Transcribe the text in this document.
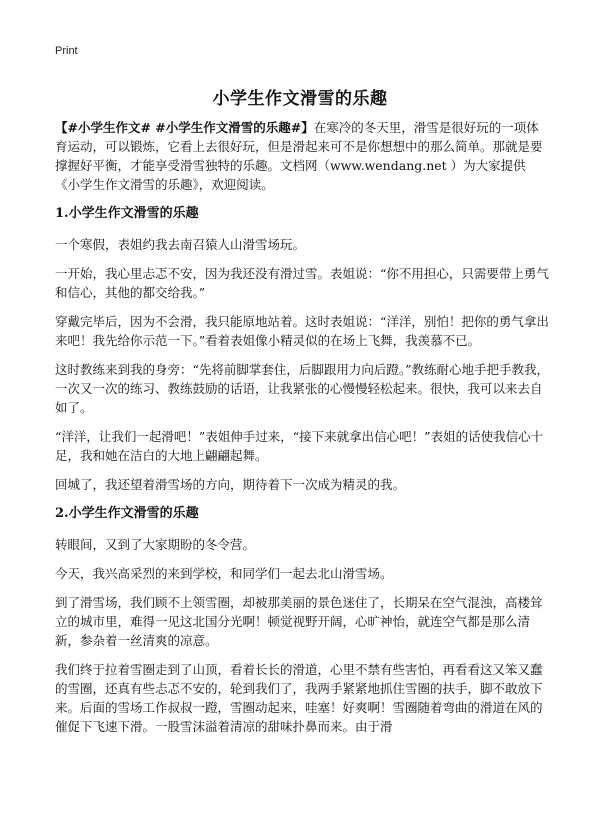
Print
小学生作文滑雪的乐趣

【#小学生作文# #小学生作文滑雪的乐趣#】在寒冷的冬天里，滑雪是很好玩的一项体育运动，可以锻炼，它看上去很好玩，但是滑起来可不是你想想中的那么简单。那就是要撑握好平衡，才能享受滑雪独特的乐趣。文档网（www.wendang.net ）为大家提供《小学生作文滑雪的乐趣》，欢迎阅读。

1.小学生作文滑雪的乐趣

一个寒假，表姐约我去南召猿人山滑雪场玩。

一开始，我心里忐忑不安，因为我还没有滑过雪。表姐说：“你不用担心，只需要带上勇气和信心，其他的都交给我。”

穿戴完毕后，因为不会滑，我只能原地站着。这时表姐说：“洋洋，别怕！把你的勇气拿出来吧！我先给你示范一下。”看着表姐像小精灵似的在场上飞舞，我羡慕不已。

这时教练来到我的身旁：“先将前脚掌套住，后脚跟用力向后蹬。”教练耐心地手把手教我，一次又一次的练习、教练鼓励的话语，让我紧张的心慢慢轻松起来。很快，我可以来去自如了。

“洋洋，让我们一起滑吧！”表姐伸手过来，“接下来就拿出信心吧！”表姐的话使我信心十足，我和她在洁白的大地上翩翩起舞。

回城了，我还望着滑雪场的方向，期待着下一次成为精灵的我。

2.小学生作文滑雪的乐趣

转眼间，又到了大家期盼的冬令营。

今天，我兴高采烈的来到学校，和同学们一起去北山滑雪场。

到了滑雪场，我们顾不上领雪圈，却被那美丽的景色迷住了，长期呆在空气混浊，高楼耸立的城市里，难得一见这北国分光啊！顿觉视野开阔，心旷神怡，就连空气都是那么清新，参杂着一丝清爽的凉意。

我们终于拉着雪圈走到了山顶，看着长长的滑道，心里不禁有些害怕，再看看这又笨又蠢的雪圈，还真有些忐忑不安的，轮到我们了，我两手紧紧地抓住雪圈的扶手，脚不敢放下来。后面的雪场工作叔叔一蹬，雪圈动起来，哇塞！好爽啊！雪圈随着弯曲的滑道在风的催促下飞速下滑。一股雪沫溢着清凉的甜味扑鼻而来。由于滑
